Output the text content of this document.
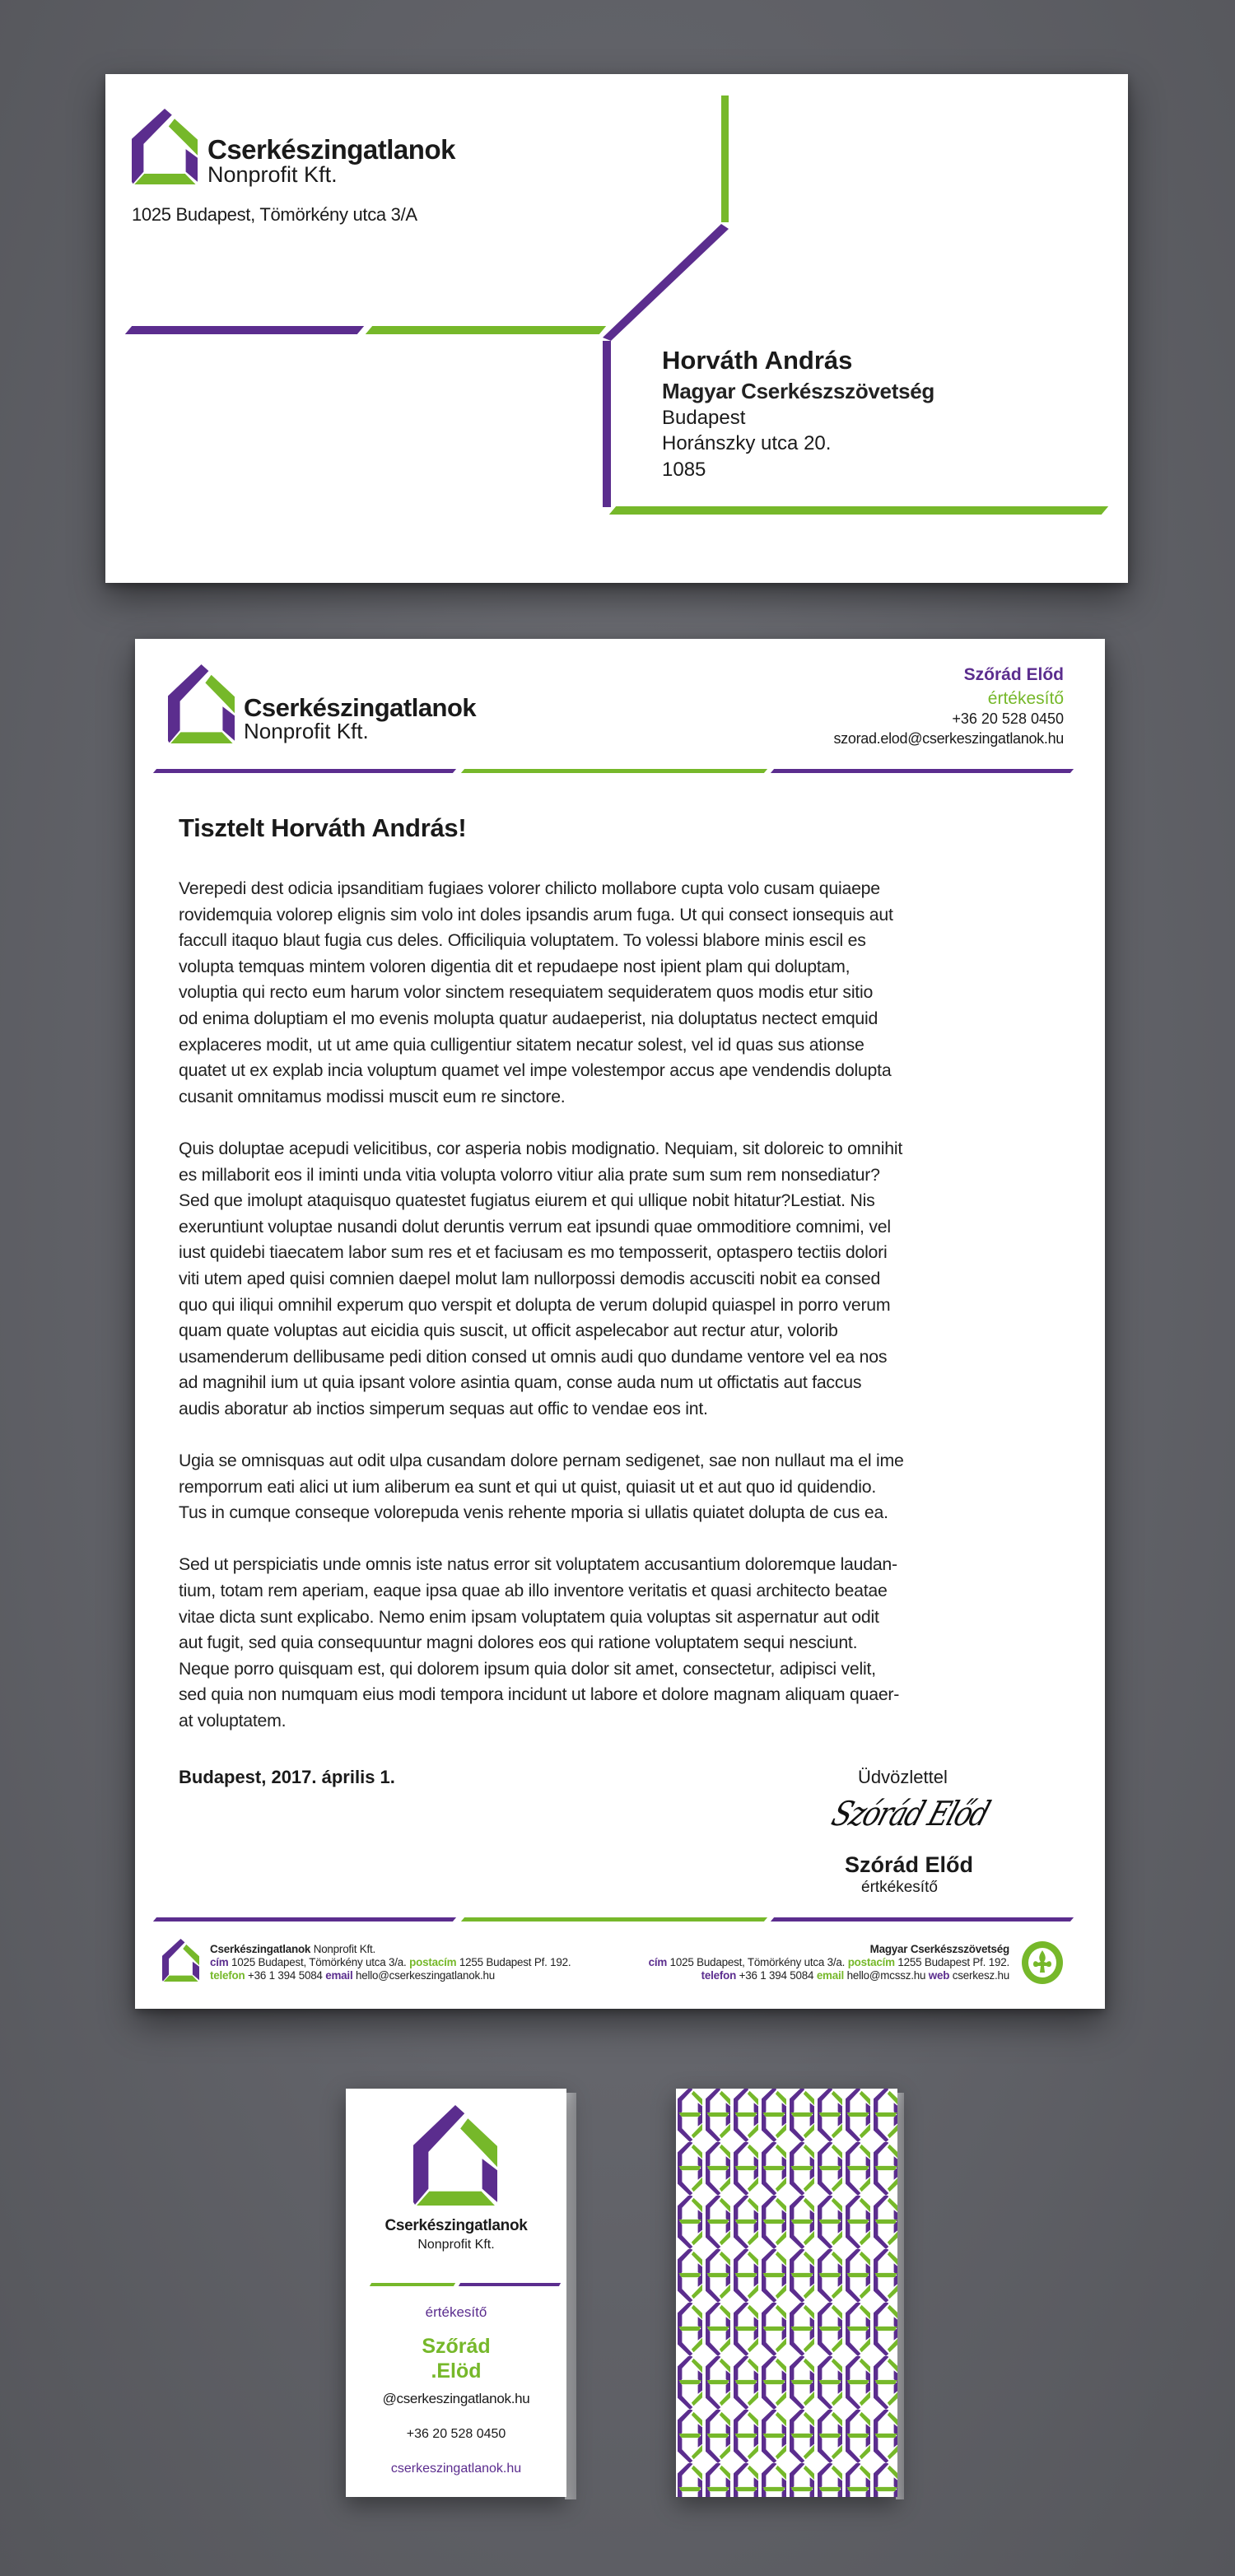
Cserkészingatlanok
Nonprofit Kft.
1025 Budapest, Tömörkény utca 3/A
Horváth András
Magyar Cserkészszövetség
Budapest
Horánszky utca 20.
1085
Cserkészingatlanok
Nonprofit Kft.
Szőrád Előd
értékesítő
+36 20 528 0450
szorad.elod@cserkeszingatlanok.hu
Tisztelt Horváth András!
Verepedi dest odicia ipsanditiam fugiaes volorer chilicto mollabore cupta volo cusam quiaepe
rovidemquia volorep elignis sim volo int doles ipsandis arum fuga. Ut qui consect ionsequis aut
faccull itaquo blaut fugia cus deles. Officiliquia voluptatem. To volessi blabore minis escil es
volupta temquas mintem voloren digentia dit et repudaepe nost ipient plam qui doluptam,
voluptia qui recto eum harum volor sinctem resequiatem sequideratem quos modis etur sitio
od enima doluptiam el mo evenis molupta quatur audaeperist, nia doluptatus nectect emquid
explaceres modit, ut ut ame quia culligentiur sitatem necatur solest, vel id quas sus ationse
quatet ut ex explab incia voluptum quamet vel impe volestempor accus ape vendendis dolupta
cusanit omnitamus modissi muscit eum re sinctore.
Quis doluptae acepudi velicitibus, cor asperia nobis modignatio. Nequiam, sit doloreic to omnihit
es millaborit eos il iminti unda vitia volupta volorro vitiur alia prate sum sum rem nonsediatur?
Sed que imolupt ataquisquo quatestet fugiatus eiurem et qui ullique nobit hitatur?Lestiat. Nis
exeruntiunt voluptae nusandi dolut deruntis verrum eat ipsundi quae ommoditiore comnimi, vel
iust quidebi tiaecatem labor sum res et et faciusam es mo temposserit, optaspero tectiis dolori
viti utem aped quisi comnien daepel molut lam nullorpossi demodis accusciti nobit ea consed
quo qui iliqui omnihil experum quo verspit et dolupta de verum dolupid quiaspel in porro verum
quam quate voluptas aut eicidia quis suscit, ut officit aspelecabor aut rectur atur, volorib
usamenderum dellibusame pedi dition consed ut omnis audi quo dundame ventore vel ea nos
ad magnihil ium ut quia ipsant volore asintia quam, conse auda num ut offictatis aut faccus
audis aboratur ab inctios simperum sequas aut offic to vendae eos int.
Ugia se omnisquas aut odit ulpa cusandam dolore pernam sedigenet, sae non nullaut ma el ime
remporrum eati alici ut ium aliberum ea sunt et qui ut quist, quiasit ut et aut quo id quidendio.
Tus in cumque conseque volorepuda venis rehente mporia si ullatis quiatet dolupta de cus ea.
Sed ut perspiciatis unde omnis iste natus error sit voluptatem accusantium doloremque laudan-
tium, totam rem aperiam, eaque ipsa quae ab illo inventore veritatis et quasi architecto beatae
vitae dicta sunt explicabo. Nemo enim ipsam voluptatem quia voluptas sit aspernatur aut odit
aut fugit, sed quia consequuntur magni dolores eos qui ratione voluptatem sequi nesciunt.
Neque porro quisquam est, qui dolorem ipsum quia dolor sit amet, consectetur, adipisci velit,
sed quia non numquam eius modi tempora incidunt ut labore et dolore magnam aliquam quaer-
at voluptatem.
Budapest, 2017. április 1.	Üdvözlettel
Szórád Előd
Szórád Előd
értkékesítő
Cserkészingatlanok Nonprofit Kft.
cím 1025 Budapest, Tömörkény utca 3/a. postacím 1255 Budapest Pf. 192.
telefon +36 1 394 5084 email hello@cserkeszingatlanok.hu
Magyar Cserkészszövetség
cím 1025 Budapest, Tömörkény utca 3/a. postacím 1255 Budapest Pf. 192.
telefon +36 1 394 5084 email hello@mcssz.hu web cserkesz.hu
Cserkészingatlanok
Nonprofit Kft.
értékesítő
Szőrád
.Elöd
@cserkeszingatlanok.hu
+36 20 528 0450
cserkeszingatlanok.hu
